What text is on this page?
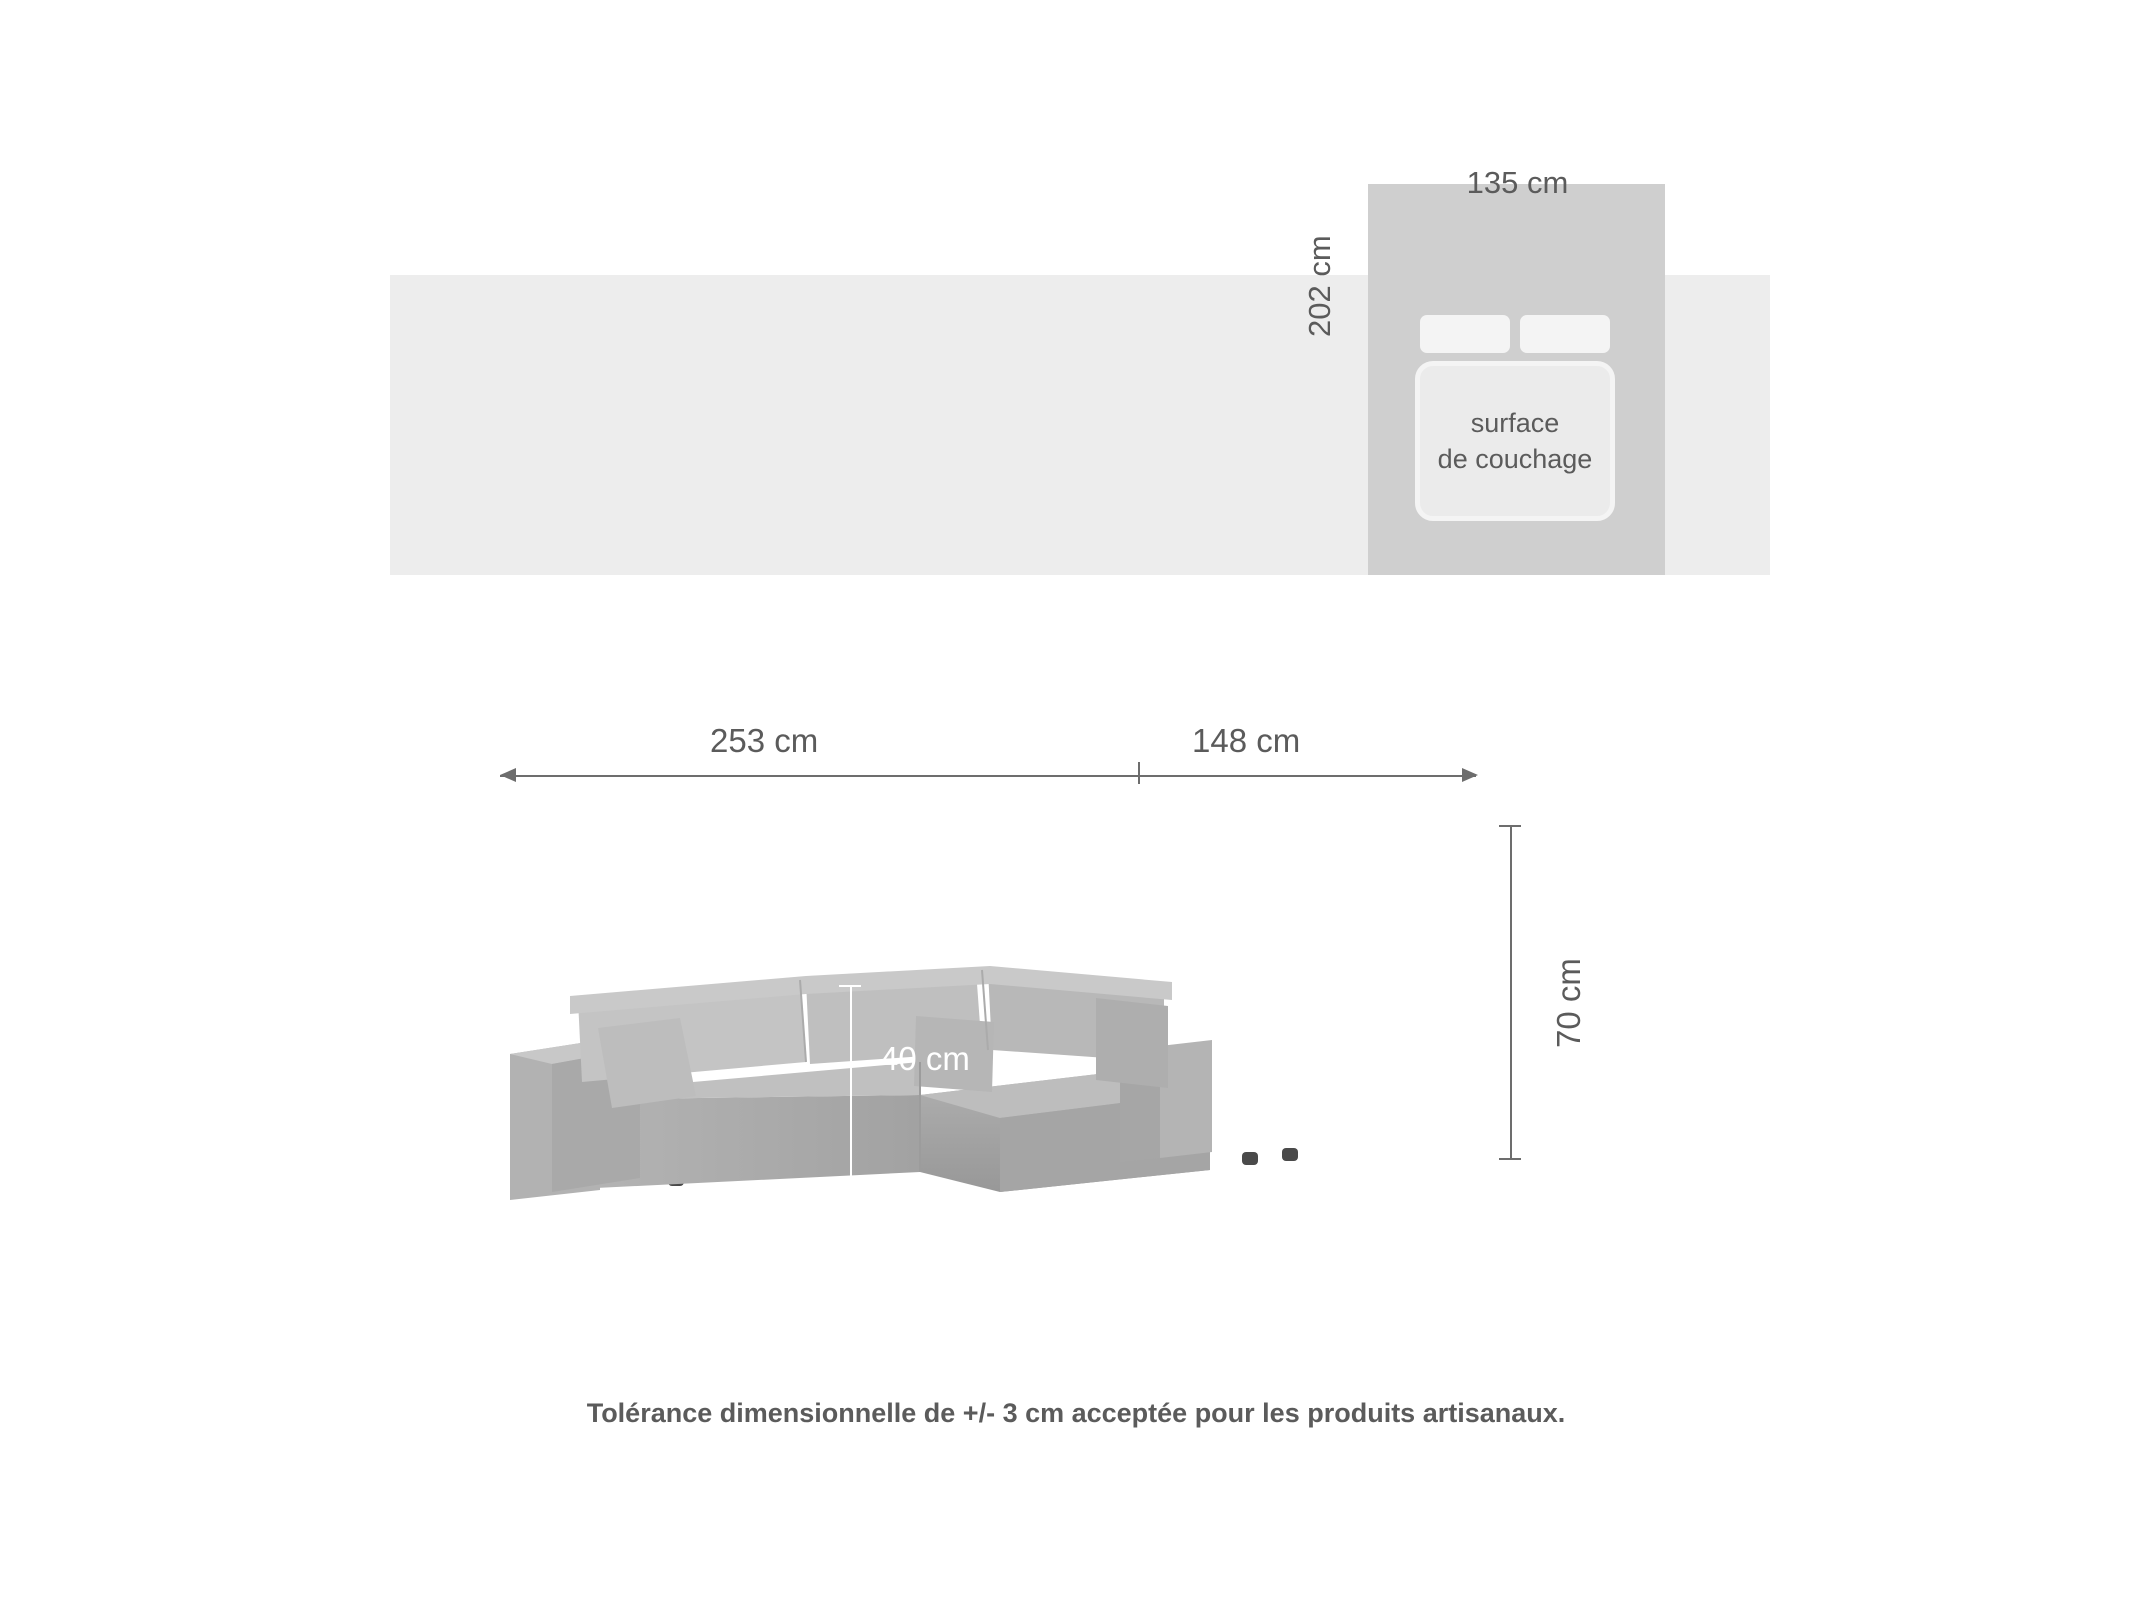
surface
de couchage
135 cm
202 cm
253 cm	148 cm
70 cm
40 cm
Tolérance dimensionnelle de +/- 3 cm acceptée pour les produits artisanaux.
